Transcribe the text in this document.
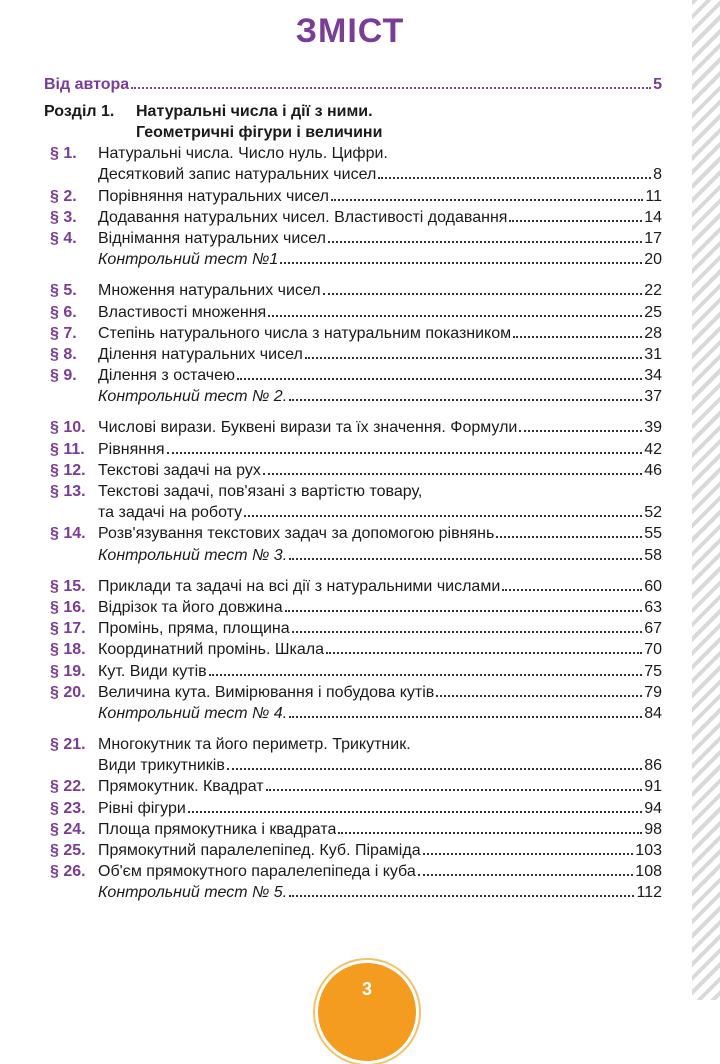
ЗМІСТ
Від автора	5
Розділ 1.	Натуральні числа і дії з ними.
Геометричні фігури і величини
§ 1.	Натуральні числа. Число нуль. Цифри.
Десятковий запис натуральних чисел	8
§ 2.	Порівняння натуральних чисел	11
§ 3.	Додавання натуральних чисел. Властивості додавання	14
§ 4.	Віднімання натуральних чисел	17
Контрольний тест №1	20
§ 5.	Множення натуральних чисел	22
§ 6.	Властивості множення	25
§ 7.	Степінь натурального числа з натуральним показником	28
§ 8.	Ділення натуральних чисел	31
§ 9.	Ділення з остачею	34
Контрольний тест № 2.	37
§ 10. Числові вирази. Буквені вирази та їх значення. Формули	39
§ 11. Рівняння	42
§ 12. Текстові задачі на рух	46
§ 13. Текстові задачі, пов'язані з вартістю товару,
та задачі на роботу	52
§ 14. Розв'язування текстових задач за допомогою рівнянь	55
Контрольний тест № 3.	58
§ 15. Приклади та задачі на всі дії з натуральними числами	60
§ 16. Відрізок та його довжина	63
§ 17. Промінь, пряма, площина	67
§ 18. Координатний промінь. Шкала	70
§ 19. Кут. Види кутів	75
§ 20. Величина кута. Вимірювання і побудова кутів	79
Контрольний тест № 4.	84
§ 21. Многокутник та його периметр. Трикутник.
Види трикутників	86
§ 22. Прямокутник. Квадрат	91
§ 23. Рівні фігури	94
§ 24. Площа прямокутника і квадрата	98
§ 25. Прямокутний паралелепіпед. Куб. Піраміда	103
§ 26. Об'єм прямокутного паралелепіпеда і куба	108
Контрольний тест № 5.	112
3
